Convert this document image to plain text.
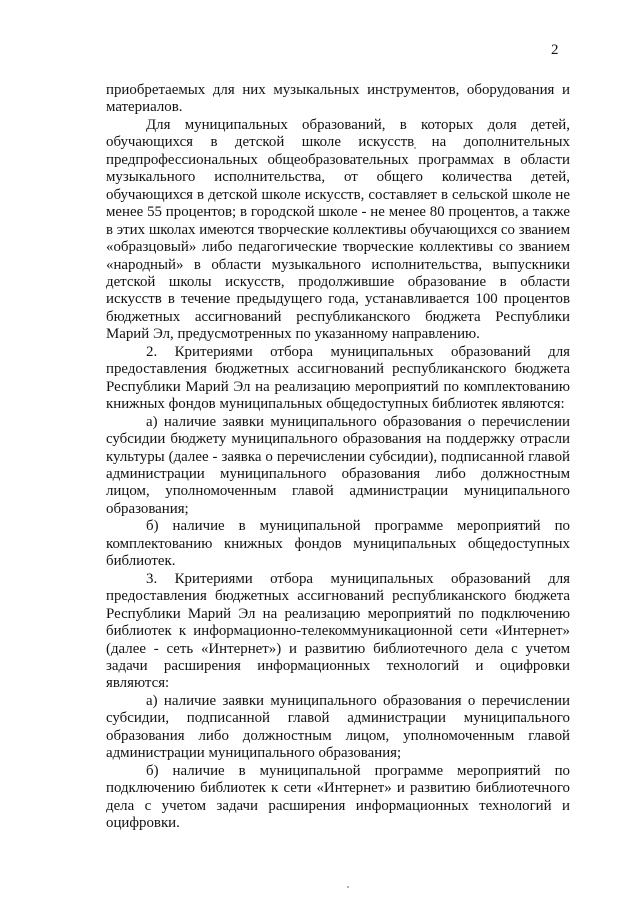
2

приобретаемых для них музыкальных инструментов, оборудования и материалов.

Для муниципальных образований, в которых доля детей, обучающихся в детской школе искусств на дополнительных предпрофессиональных общеобразовательных программах в области музыкального исполнительства, от общего количества детей, обучающихся в детской школе искусств, составляет в сельской школе не менее 55 процентов; в городской школе - не менее 80 процентов, а также в этих школах имеются творческие коллективы обучающихся со званием «образцовый» либо педагогические творческие коллективы со званием «народный» в области музыкального исполнительства, выпускники детской школы искусств, продолжившие образование в области искусств в течение предыдущего года, устанавливается 100 процентов бюджетных ассигнований республиканского бюджета Республики Марий Эл, предусмотренных по указанному направлению.

2. Критериями отбора муниципальных образований для предоставления бюджетных ассигнований республиканского бюджета Республики Марий Эл на реализацию мероприятий по комплектованию книжных фондов муниципальных общедоступных библиотек являются:

а) наличие заявки муниципального образования о перечислении субсидии бюджету муниципального образования на поддержку отрасли культуры (далее - заявка о перечислении субсидии), подписанной главой администрации муниципального образования либо должностным лицом, уполномоченным главой администрации муниципального образования;

б) наличие в муниципальной программе мероприятий по комплектованию книжных фондов муниципальных общедоступных библиотек.

3. Критериями отбора муниципальных образований для предоставления бюджетных ассигнований республиканского бюджета Республики Марий Эл на реализацию мероприятий по подключению библиотек к информационно-телекоммуникационной сети «Интернет» (далее - сеть «Интернет») и развитию библиотечного дела с учетом задачи расширения информационных технологий и оцифровки являются:

а) наличие заявки муниципального образования о перечислении субсидии, подписанной главой администрации муниципального образования либо должностным лицом, уполномоченным главой администрации муниципального образования;

б) наличие в муниципальной программе мероприятий по подключению библиотек к сети «Интернет» и развитию библиотечного дела с учетом задачи расширения информационных технологий и оцифровки.
